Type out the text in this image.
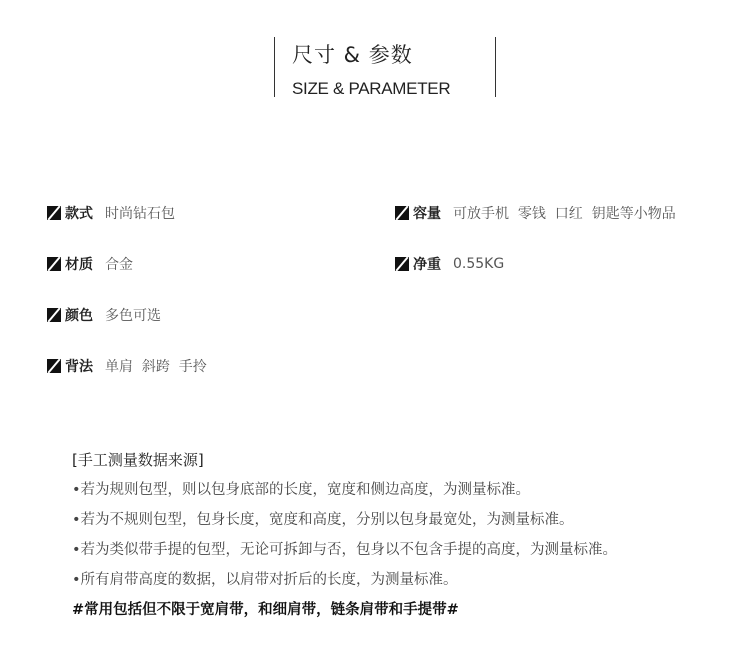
尺寸 & 参数
SIZE & PARAMETER
款式 时尚钻石包
材质 合金
颜色 多色可选
背法 单肩  斜跨  手拎
容量 可放手机  零钱  口红  钥匙等小物品
净重 0.55KG
[手工测量数据来源]
•若为规则包型，则以包身底部的长度，宽度和侧边高度，为测量标准。
•若为不规则包型，包身长度，宽度和高度，分别以包身最宽处，为测量标准。
•若为类似带手提的包型，无论可拆卸与否，包身以不包含手提的高度，为测量标准。
•所有肩带高度的数据，以肩带对折后的长度，为测量标准。
#常用包括但不限于宽肩带，和细肩带，链条肩带和手提带#
